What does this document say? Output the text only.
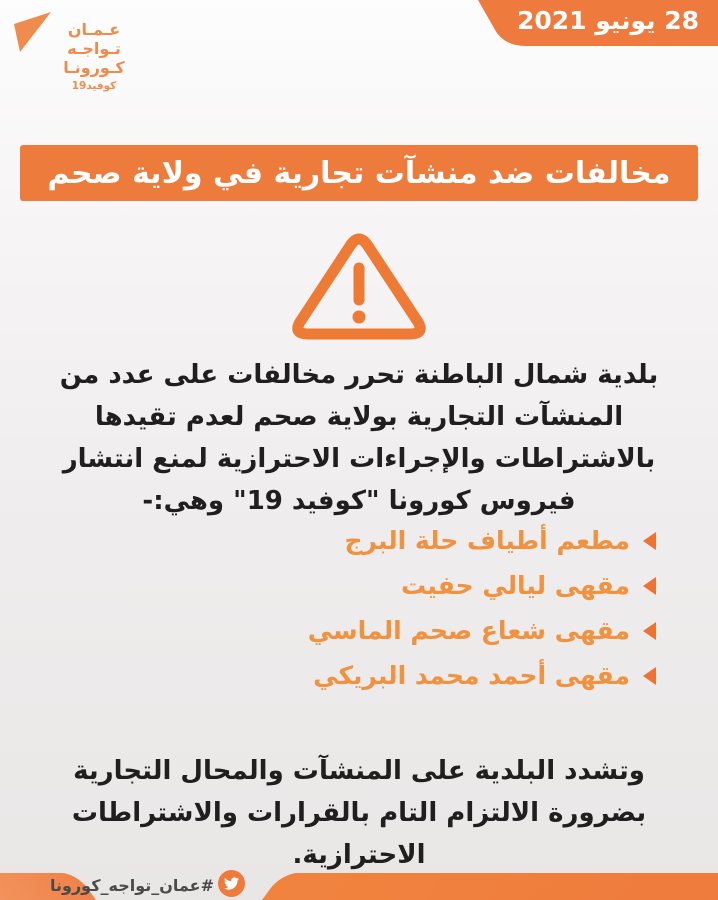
عـمـان
تـواجـه
كـورونـا
كوفيد19
28 يونيو 2021
مخالفات ضد منشآت تجارية في ولاية صحم

بلدية شمال الباطنة تحرر مخالفات على عدد من المنشآت التجارية بولاية صحم لعدم تقيدها بالاشتراطات والإجراءات الاحترازية لمنع انتشار فيروس كورونا "كوفيد 19" وهي:-

مطعم أطياف حلة البرج
مقهى ليالي حفيت
مقهى شعاع صحم الماسي
مقهى أحمد محمد البريكي

وتشدد البلدية على المنشآت والمحال التجارية بضرورة الالتزام التام بالقرارات والاشتراطات الاحترازية.

#عمان_تواجه_كورونا
